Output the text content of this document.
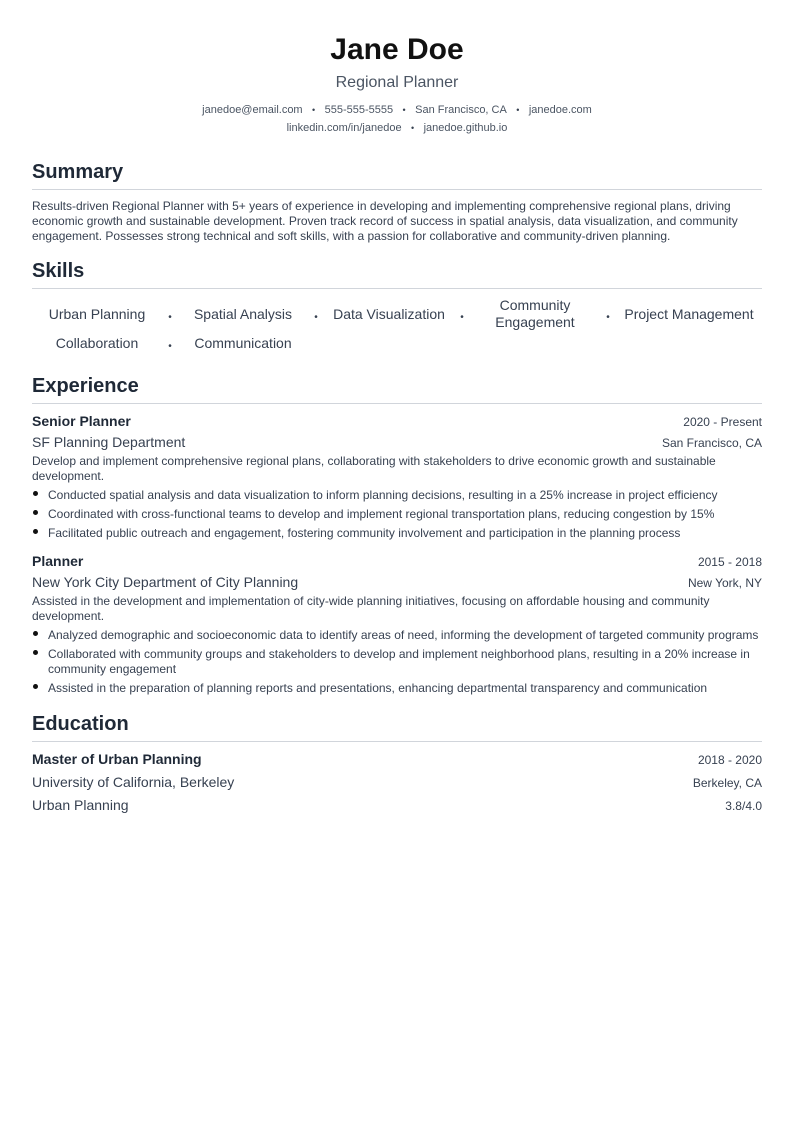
Jane Doe
Regional Planner
janedoe@email.com	• 555-555-5555	• San Francisco, CA	• janedoe.com
linkedin.com/in/janedoe	• janedoe.github.io
Summary

Results-driven Regional Planner with 5+ years of experience in developing and implementing comprehensive regional plans, driving economic growth and sustainable development. Proven track record of success in spatial analysis, data visualization, and community engagement. Possesses strong technical and soft skills, with a passion for collaborative and community-driven planning.

Skills
Urban Planning	•	Spatial Analysis	•	Data Visualization	•
Community Engagement	•	Project Management
Collaboration	•	Communication
Experience
Senior Planner	2020 - Present
SF Planning Department	San Francisco, CA

Develop and implement comprehensive regional plans, collaborating with stakeholders to drive economic growth and sustainable development.

Conducted spatial analysis and data visualization to inform planning decisions, resulting in a 25% increase in project efficiency
Coordinated with cross-functional teams to develop and implement regional transportation plans, reducing congestion by 15%
Facilitated public outreach and engagement, fostering community involvement and participation in the planning process
Planner	2015 - 2018
New York City Department of City Planning	New York, NY

Assisted in the development and implementation of city-wide planning initiatives, focusing on affordable housing and community development.

Analyzed demographic and socioeconomic data to identify areas of need, informing the development of targeted community programs
Collaborated with community groups and stakeholders to develop and implement neighborhood plans, resulting in a 20% increase in community engagement
Assisted in the preparation of planning reports and presentations, enhancing departmental transparency and communication
Education
Master of Urban Planning	2018 - 2020
University of California, Berkeley	Berkeley, CA
Urban Planning	3.8/4.0
